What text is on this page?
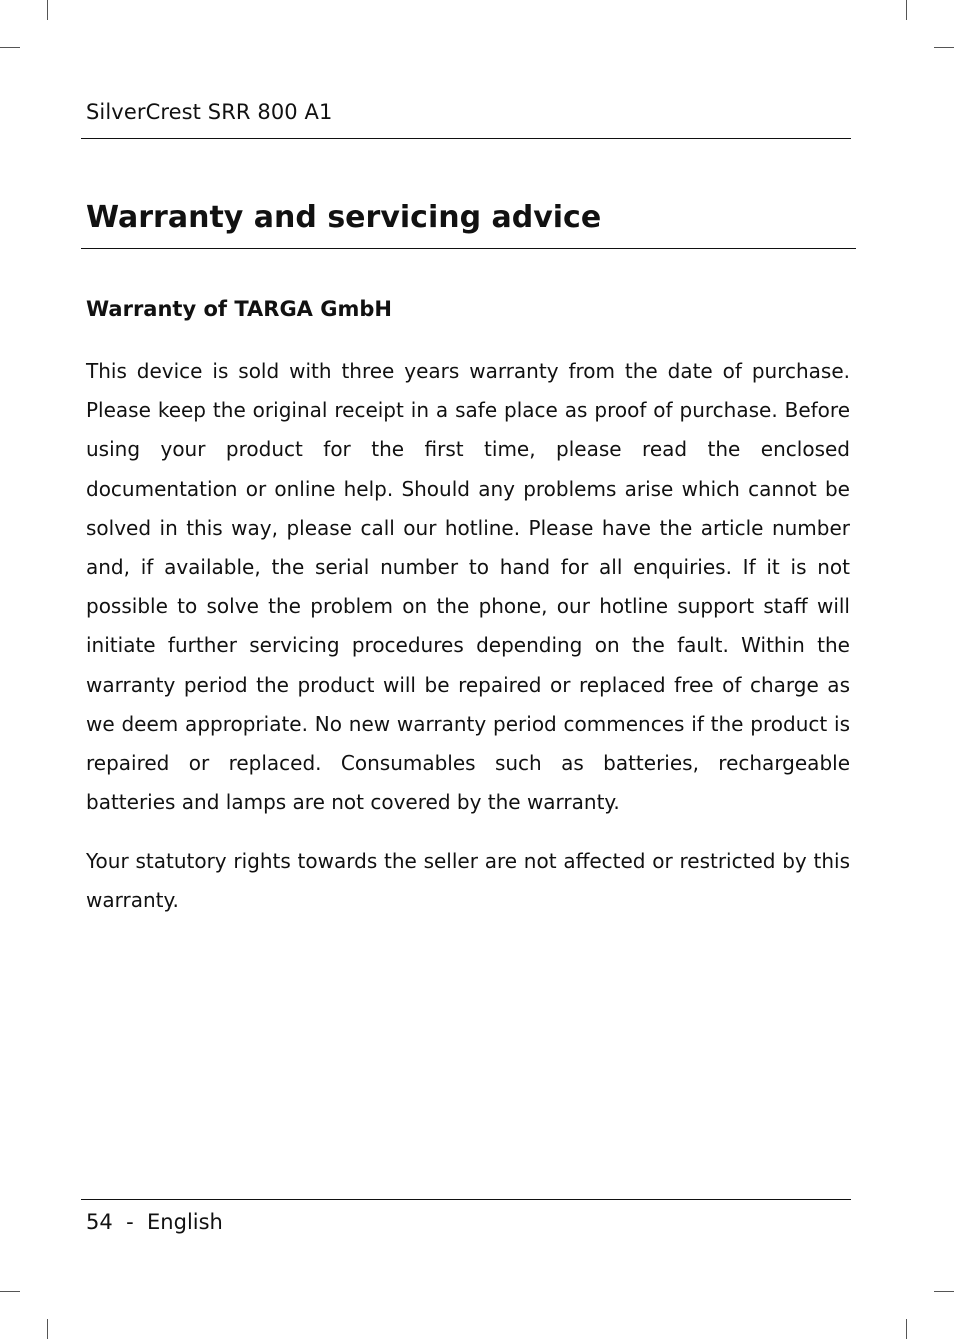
SilverCrest SRR 800 A1
Warranty and servicing advice
Warranty of TARGA GmbH

This device is sold with three years warranty from the date of purchase. Please keep the original receipt in a safe place as proof of purchase. Before using your product for the first time, please read the enclosed documentation or online help. Should any problems arise which cannot be solved in this way, please call our hotline. Please have the article number and, if available, the serial number to hand for all enquiries. If it is not possible to solve the problem on the phone, our hotline support staff will initiate further servicing procedures depending on the fault. Within the warranty period the product will be repaired or replaced free of charge as we deem appropriate. No new warranty period commences if the product is repaired or replaced. Consumables such as batteries, rechargeable batteries and lamps are not covered by the warranty.

Your statutory rights towards the seller are not affected or restricted by this warranty.

54 - English
